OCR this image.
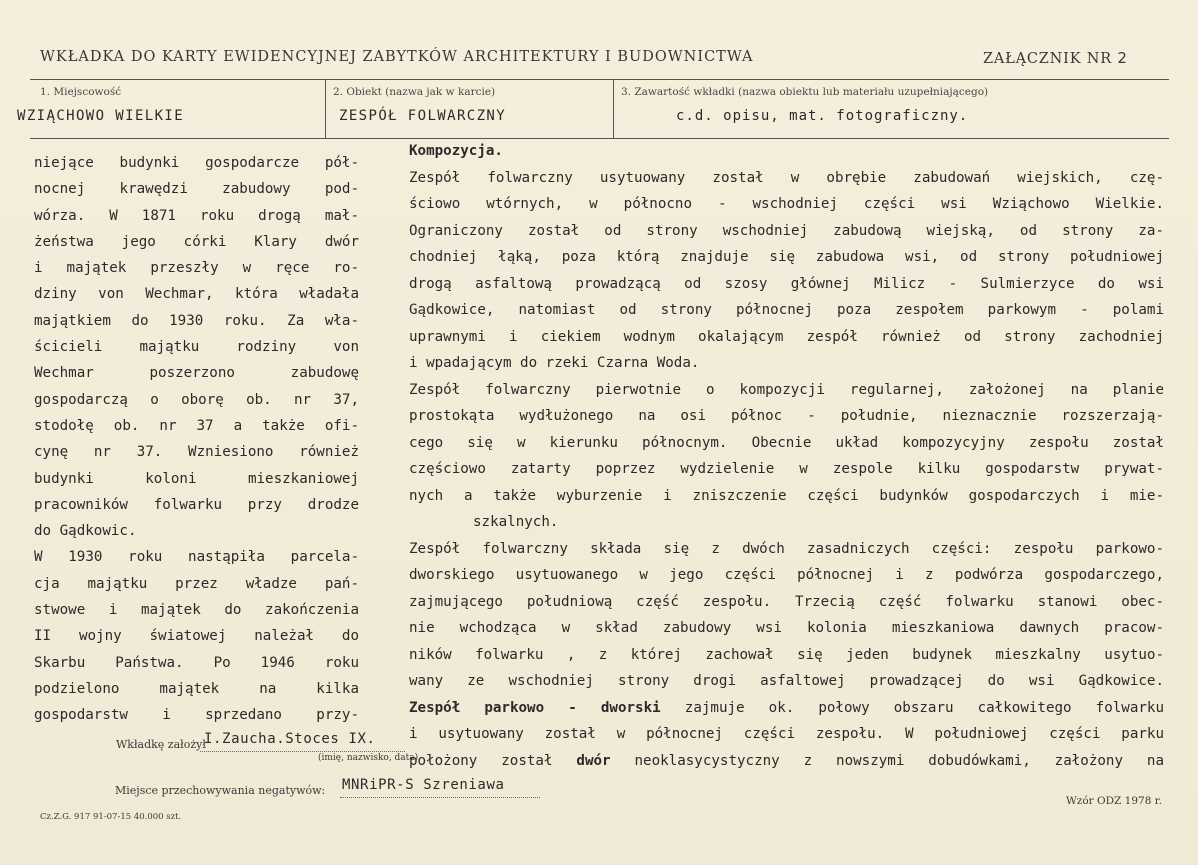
WKŁADKA DO KARTY EWIDENCYJNEJ ZABYTKÓW ARCHITEKTURY I BUDOWNICTWA	ZAŁĄCZNIK NR 2
1. Miejscowość
WZIĄCHOWO WIELKIE
2. Obiekt (nazwa jak w karcie)
ZESPÓŁ FOLWARCZNY
3. Zawartość wkładki (nazwa obiektu lub materiału uzupełniającego)
c.d. opisu, mat. fotograficzny.
niejące budynki gospodarcze pół-
nocnej krawędzi zabudowy pod-
wórza. W 1871 roku drogą mał-
żeństwa jego córki Klary dwór
i majątek przeszły w ręce ro-
dziny von Wechmar, która władała
majątkiem do 1930 roku. Za wła-
ścicieli majątku rodziny von
Wechmar poszerzono zabudowę
gospodarczą o oborę ob. nr 37,
stodołę ob. nr 37 a także ofi-
cynę nr 37. Wzniesiono również
budynki koloni mieszkaniowej
pracowników folwarku przy drodze
do Gądkowic.
W 1930 roku nastąpiła parcela-
cja majątku przez władze pań-
stwowe i majątek do zakończenia
II wojny światowej należał do
Skarbu Państwa. Po 1946 roku
podzielono majątek na kilka
gospodarstw i sprzedano przy-
Kompozycja.
Zespół folwarczny usytuowany został w obrębie zabudowań wiejskich, czę-
ściowo wtórnych, w północno - wschodniej części wsi Wziąchowo Wielkie.
Ograniczony został od strony wschodniej zabudową wiejską, od strony za-
chodniej łąką, poza którą znajduje się zabudowa wsi, od strony południowej
drogą asfaltową prowadzącą od szosy głównej Milicz - Sulmierzyce do wsi
Gądkowice, natomiast od strony północnej poza zespołem parkowym - polami
uprawnymi i ciekiem wodnym okalającym zespół również od strony zachodniej
i wpadającym do rzeki Czarna Woda.
Zespół folwarczny pierwotnie o kompozycji regularnej, założonej na planie
prostokąta wydłużonego na osi północ - południe, nieznacznie rozszerzają-
cego się w kierunku północnym. Obecnie układ kompozycyjny zespołu został
częściowo zatarty poprzez wydzielenie w zespole kilku gospodarstw prywat-
nych a także wyburzenie i zniszczenie części budynków gospodarczych i mie-
szkalnych.
Zespół folwarczny składa się z dwóch zasadniczych części: zespołu parkowo-
dworskiego usytuowanego w jego części północnej i z podwórza gospodarczego,
zajmującego południową część zespołu. Trzecią część folwarku stanowi obec-
nie wchodząca w skład zabudowy wsi kolonia mieszkaniowa dawnych pracow-
ników folwarku , z której zachował się jeden budynek mieszkalny usytuo-
wany ze wschodniej strony drogi asfaltowej prowadzącej do wsi Gądkowice.
Zespół parkowo - dworski zajmuje ok. połowy obszaru całkowitego folwarku
i usytuowany został w północnej części zespołu. W południowej części parku
położony został dwór neoklasycystyczny z nowszymi dobudówkami, założony na
Wkładkę założył
I.Zaucha.Stoces IX.
(imię, nazwisko, data)
Miejsce przechowywania negatywów: MNRiPR-S Szreniawa
Cz.Z.G. 917 91-07-15 40.000 szt.
Wzór ODZ 1978 r.
